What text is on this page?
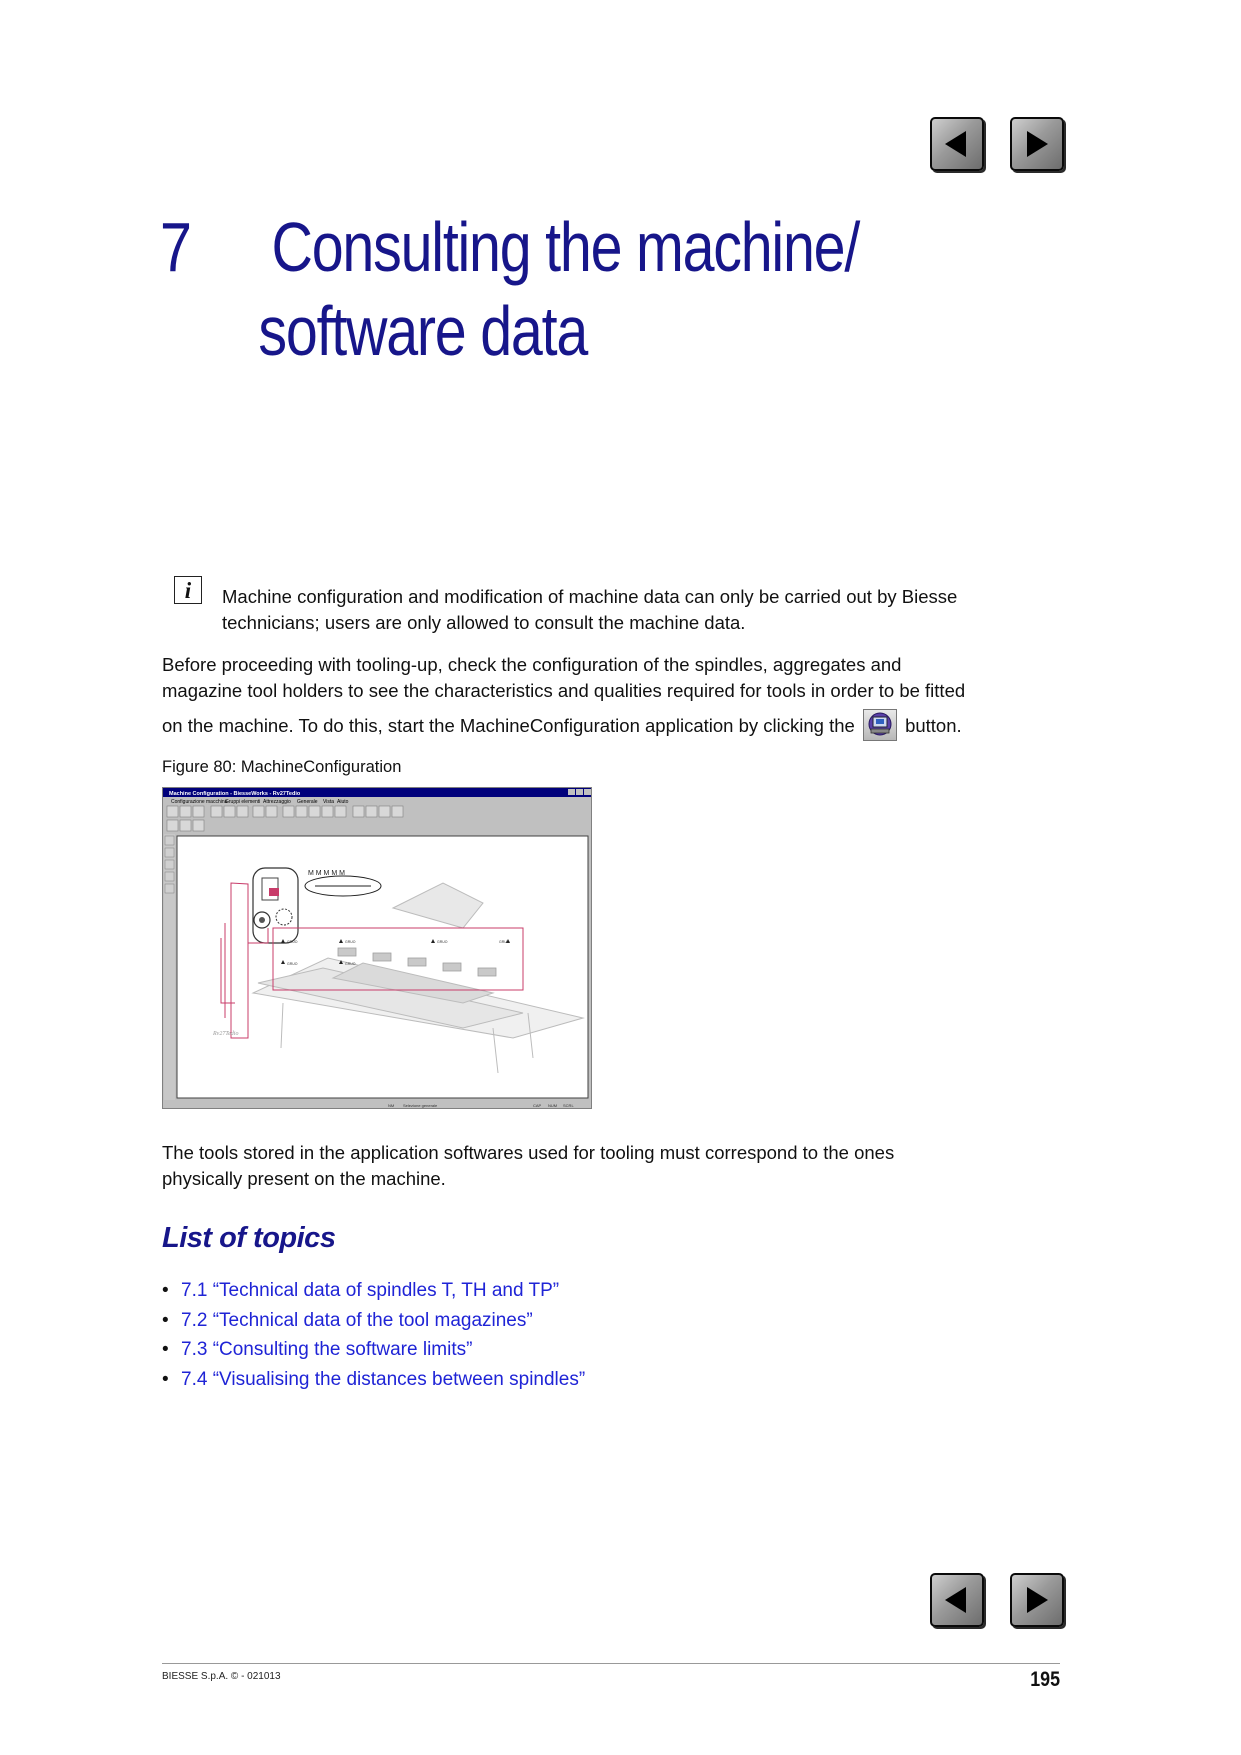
7 Consulting the machine/
software data
i	Machine configuration and modification of machine data can only be carried out by Biesse
technicians; users are only allowed to consult the machine data.
Before proceeding with tooling-up, check the configuration of the spindles, aggregates and
magazine tool holders to see the characteristics and qualities required for tools in order to be fitted
on the machine. To do this, start the MachineConfiguration application by clicking the	button.
Figure 80: MachineConfiguration
Machine Configuration - BiesseWorks - Rv27Tedio
Configurazione macchina
Gruppi elementi Attrezzaggio Generale Vista Aiuto
M M M M M
GRUO	GRUO	GRUO	GRUO
GRUO	GRUO
Rv27Tedio
NM Selezione generale	CAP NUM SCRL
The tools stored in the application softwares used for tooling must correspond to the ones
physically present on the machine.
List of topics
• 7.1 “Technical data of spindles T, TH and TP”
• 7.2 “Technical data of the tool magazines”
• 7.3 “Consulting the software limits”
• 7.4 “Visualising the distances between spindles”
BIESSE S.p.A. © - 021013	195
